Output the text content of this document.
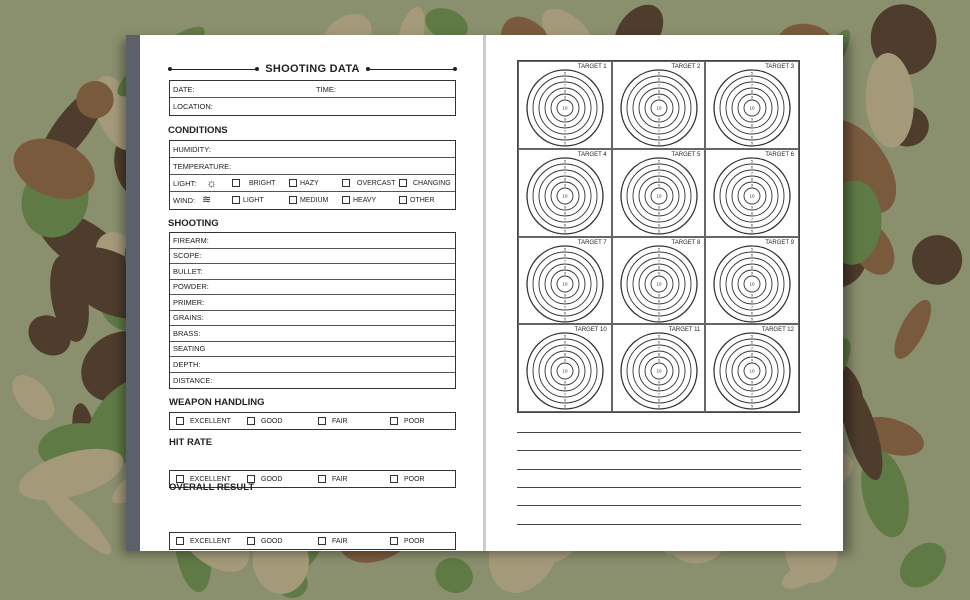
SHOOTING DATA
DATE:	TIME:
LOCATION:
CONDITIONS
HUMIDITY:
TEMPERATURE:
LIGHT: ☼	BRIGHT	HAZY	OVERCAST CHANGING
WIND: ≋	LIGHT	MEDIUM	HEAVY	OTHER
SHOOTING
FIREARM:
SCOPE:
BULLET:
POWDER:
PRIMER:
GRAINS:
BRASS:
SEATING
DEPTH:
DISTANCE:
WEAPON HANDLING
EXCELLENT	GOOD	FAIR	POOR
HIT RATE
EXCELLENT	GOOD	FAIR	POOR
OVERALL RESULT
EXCELLENT	GOOD	FAIR	POOR
TARGET 1
5
5
6
6
7
7
8
8
9
9
10
TARGET 2
5
5
6
6
7
7
8
8
9
9
10
TARGET 3
5
5
6
6
7
7
8
8
9
9
10
TARGET 4
5
5
6
6
7
7
8
8
9
9
10
TARGET 5
5
5
6
6
7
7
8
8
9
9
10
TARGET 6
5
5
6
6
7
7
8
8
9
9
10
TARGET 7
5
5
6
6
7
7
8
8
9
9
10
TARGET 8
5
5
6
6
7
7
8
8
9
9
10
TARGET 9
5
5
6
6
7
7
8
8
9
9
10
TARGET 10
5
5
6
6
7
7
8
8
9
9
10
TARGET 11
5
5
6
6
7
7
8
8
9
9
10
TARGET 12
5
5
6
6
7
7
8
8
9
9
10
